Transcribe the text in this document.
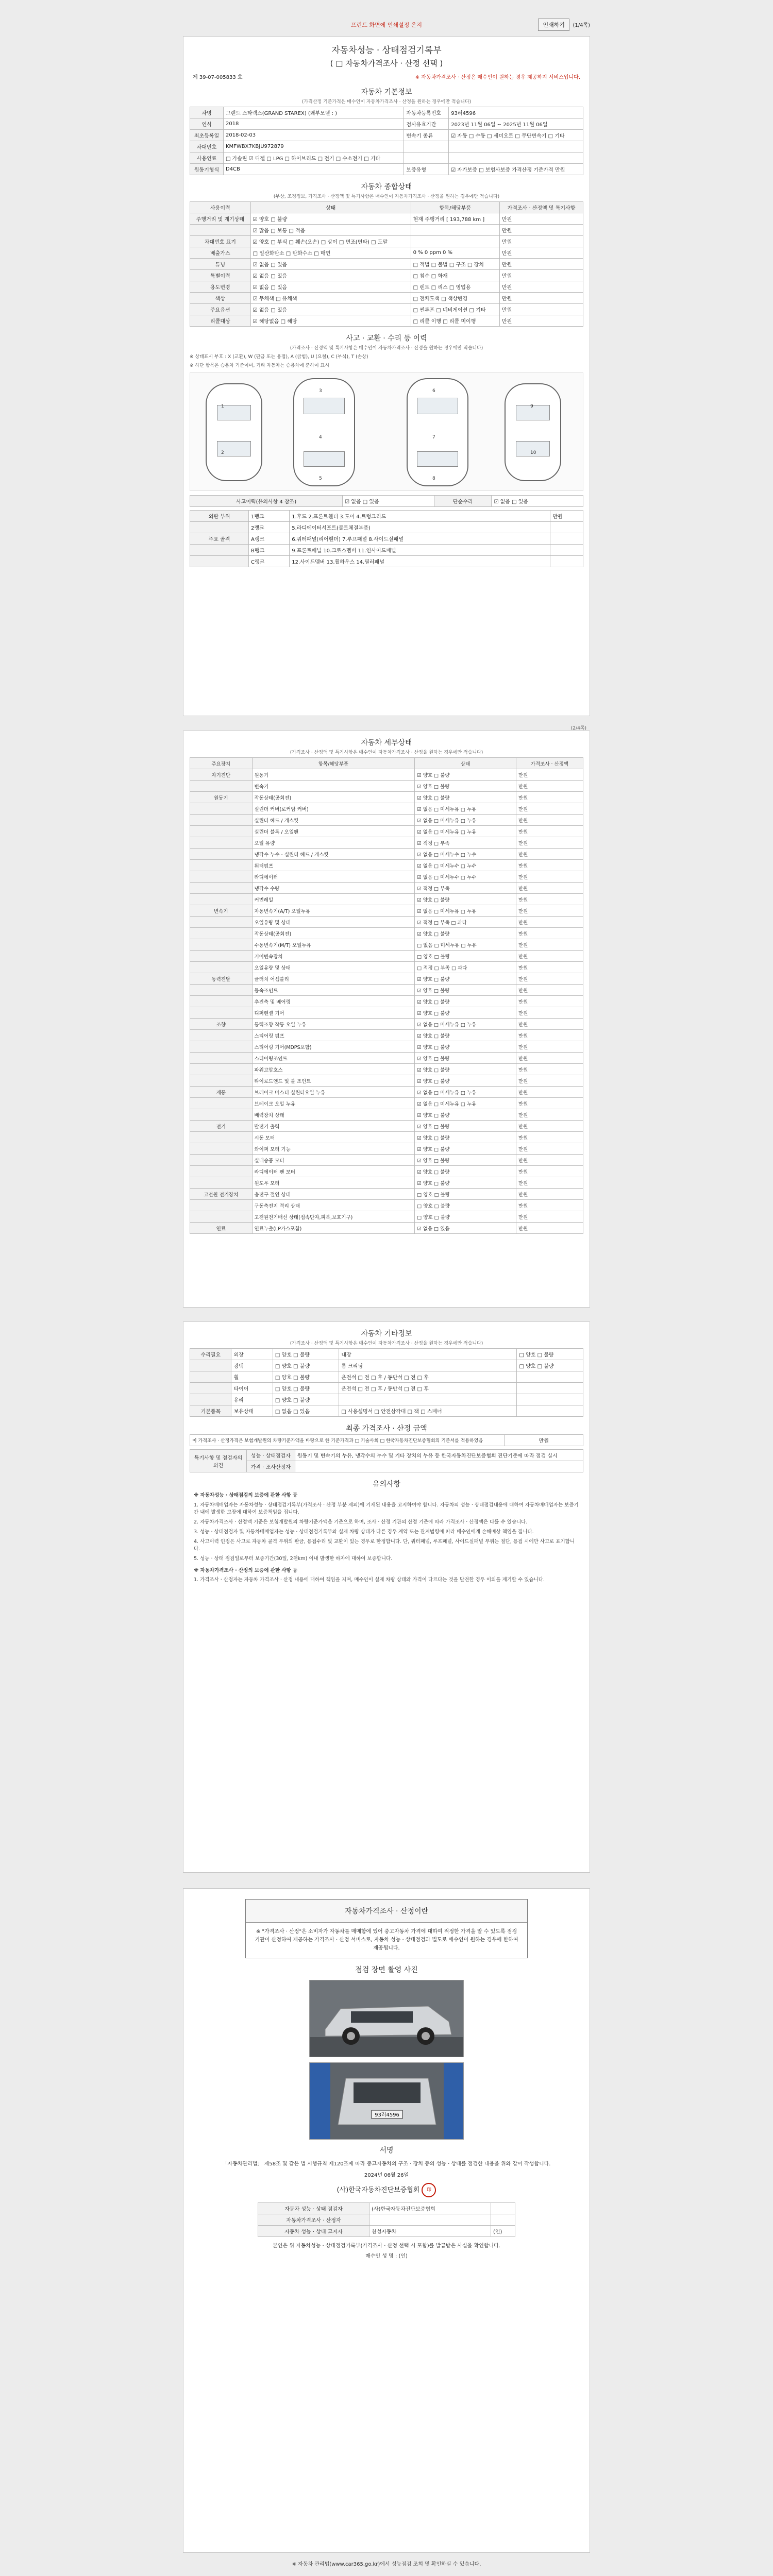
프린트 화면에 인쇄설정 은지	인쇄하기	(1/4쪽)
자동차성능 · 상태점검기록부
( □ 자동차가격조사 · 산정 선택 )
제 39-07-005833 호	※ 자동차가격조사 · 산정은 매수인이 원하는 경우 제공하지 서비스입니다.
자동차 기본정보
(가격산정 기준가격은 매수인이 자동차가격조사 · 산정을 원하는 경우에만 적습니다)
차명	그랜드 스타렉스(GRAND STAREX) (왜부모델 : )	자동차등록번호	93러4596
연식	2018	검사유효기간	2023년 11월 06일 ~ 2025년 11월 06일
최초등록일	2018-02-03	변속기 종류	☑ 자동 □ 수동 □ 세미오토 □ 무단변속기 □ 기타
차대번호	KMFWBX7KBJU972879		
사용연료	□ 가솔린 ☑ 디젤 □ LPG □ 하이브리드 □ 전기 □ 수소전기 □ 기타		
원동기형식	D4CB	보증유형	☑ 자가보증 □ 보험사보증 가격산정 기준가격 만원
자동차 종합상태
(부상, 조정정보, 가격조사 · 산정액 및 특기사항은 매수인이 자동차가격조사 · 산정을 원하는 경우에만 적습니다)
사용이력	상태	항목/해당부품	가격조사 · 산정액 및 특기사항
주행거리 및 계기상태	☑ 양호 □ 불량	현재 주행거리 [ 193,788 km ]	만원
	☑ 많음 □ 보통 □ 적음		만원
차대번호 표기	☑ 양호 □ 부식 □ 훼손(오손) □ 상이 □ 변조(변타) □ 도말		만원
배출가스	□ 일산화탄소 □ 탄화수소 □ 매연	0 % 0 ppm 0 %	만원
튜닝	☑ 없음 □ 있음	□ 적법 □ 불법 □ 구조 □ 장치	만원
특별이력	☑ 없음 □ 있음	□ 침수 □ 화재	만원
용도변경	☑ 없음 □ 있음	□ 렌트 □ 리스 □ 영업용	만원
색상	☑ 무채색 □ 유채색	□ 전체도색 □ 색상변경	만원
주요옵션	☑ 없음 □ 있음	□ 썬루프 □ 네비게이션 □ 기타	만원
리콜대상	☑ 해당없음 □ 해당	□ 리콜 이행 □ 리콜 미이행	만원
사고 · 교환 · 수리 등 이력
(가격조사 · 산정액 및 특기사항은 매수인이 자동차가격조사 · 산정을 원하는 경우에만 적습니다)
※ 상태표시 부호 : X (교환), W (판금 또는 용접), A (긁힘), U (요철), C (부식), T (손상)
※ 하단 항목은 승용차 기준이며, 기타 자동차는 승용차에 준하여 표시
1
2
3
4
5
6
7
8
9
10
사고이력(유의사항 4 참조)	☑ 없음 □ 있음	단순수리	☑ 없음 □ 있음
외판 부위	1랭크	1.후드 2.프론트휀더 3.도어 4.트렁크리드	만원
	2랭크	5.라디에이터서포트(볼트체결부품)	
주요 골격	A랭크	6.쿼터패널(리어휀더) 7.루프패널 8.사이드실패널	
	B랭크	9.프론트패널 10.크로스멤버 11.인사이드패널	
	C랭크	12.사이드멤버 13.휠하우스 14.필러패널	
(2/4쪽)
자동차 세부상태
(가격조사 · 산정액 및 특기사항은 매수인이 자동차가격조사 · 산정을 원하는 경우에만 적습니다)
주요장치	항목/해당부품	상태	가격조사 · 산정액
자기진단	원동기	☑ 양호 □ 불량	만원
	변속기	☑ 양호 □ 불량	만원
원동기	작동상태(공회전)	☑ 양호 □ 불량	만원
	실린더 커버(로커암 커버)	☑ 없음 □ 미세누유 □ 누유	만원
	실린더 헤드 / 개스킷	☑ 없음 □ 미세누유 □ 누유	만원
	실린더 블록 / 오일팬	☑ 없음 □ 미세누유 □ 누유	만원
	오일 유량	☑ 적정 □ 부족	만원
	냉각수 누수 - 실린더 헤드 / 개스킷	☑ 없음 □ 미세누수 □ 누수	만원
	워터펌프	☑ 없음 □ 미세누수 □ 누수	만원
	라디에이터	☑ 없음 □ 미세누수 □ 누수	만원
	냉각수 수량	☑ 적정 □ 부족	만원
	커먼레일	☑ 양호 □ 불량	만원
변속기	자동변속기(A/T) 오일누유	☑ 없음 □ 미세누유 □ 누유	만원
	오일유량 및 상태	☑ 적정 □ 부족 □ 과다	만원
	작동상태(공회전)	☑ 양호 □ 불량	만원
	수동변속기(M/T) 오일누유	□ 없음 □ 미세누유 □ 누유	만원
	기어변속장치	□ 양호 □ 불량	만원
	오일유량 및 상태	□ 적정 □ 부족 □ 과다	만원
동력전달	클러치 어셈블리	☑ 양호 □ 불량	만원
	등속조인트	☑ 양호 □ 불량	만원
	추진축 및 베어링	☑ 양호 □ 불량	만원
	디퍼렌셜 기어	☑ 양호 □ 불량	만원
조향	동력조향 작동 오일 누유	☑ 없음 □ 미세누유 □ 누유	만원
	스티어링 펌프	☑ 양호 □ 불량	만원
	스티어링 기어(MDPS포함)	☑ 양호 □ 불량	만원
	스티어링조인트	☑ 양호 □ 불량	만원
	파워고압호스	☑ 양호 □ 불량	만원
	타이로드엔드 및 볼 조인트	☑ 양호 □ 불량	만원
제동	브레이크 마스터 실린더오일 누유	☑ 없음 □ 미세누유 □ 누유	만원
	브레이크 오일 누유	☑ 없음 □ 미세누유 □ 누유	만원
	배력장치 상태	☑ 양호 □ 불량	만원
전기	발전기 출력	☑ 양호 □ 불량	만원
	시동 모터	☑ 양호 □ 불량	만원
	와이퍼 모터 기능	☑ 양호 □ 불량	만원
	실내송풍 모터	☑ 양호 □ 불량	만원
	라디에이터 팬 모터	☑ 양호 □ 불량	만원
	윈도우 모터	☑ 양호 □ 불량	만원
고전원 전기장치	충전구 절연 상태	□ 양호 □ 불량	만원
	구동축전지 격리 상태	□ 양호 □ 불량	만원
	고전원전기배선 상태(접속단자,피복,보호기구)	□ 양호 □ 불량	만원
연료	연료누출(LP가스포함)	☑ 없음 □ 있음	만원
자동차 기타정보
(가격조사 · 산정액 및 특기사항은 매수인이 자동차가격조사 · 산정을 원하는 경우에만 적습니다)
수리필요	외장	□ 양호 □ 불량	내장	□ 양호 □ 불량
	광택	□ 양호 □ 불량	룸 크리닝	□ 양호 □ 불량
	휠	□ 양호 □ 불량	운전석 □ 전 □ 후 / 동반석 □ 전 □ 후	
	타이어	□ 양호 □ 불량	운전석 □ 전 □ 후 / 동반석 □ 전 □ 후	
	유리	□ 양호 □ 불량		
기본품목	보유상태	□ 없음 □ 있음	□ 사용설명서 □ 안전삼각대 □ 잭 □ 스패너	
최종 가격조사 · 산정 금액
이 가격조사 · 산정가격은 보험개발원의 차량기준가액을 바탕으로 한 기준가격과 □ 기술사회 □ 한국자동차진단보증협회의 기준서를 적용하였음	만원
특기사항 및 점검자의 의견		
	성능 · 상태점검자	원동기 및 변속기의 누유, 냉각수의 누수 및 기타 장치의 누유 등 한국자동차진단보증협회 진단기준에 따라 점검 실시
	가격 · 조사산정자	
유의사항

※ 자동차성능 · 상태점검의 보증에 관한 사항 등

1. 자동차매매업자는 자동차성능 · 상태점검기록부(가격조사 · 산정 부분 제외)에 기재된 내용을 고지하여야 합니다. 자동차의 성능 · 상태점검내용에 대하여 자동차매매업자는 보증기간 내에 발생한 고장에 대하여 보증책임을 집니다.

2. 자동차가격조사 · 산정액 기준은 보험개발원의 차량기준가액을 기준으로 하며, 조사 · 산정 기관의 산정 기준에 따라 가격조사 · 산정액은 다를 수 있습니다.

3. 성능 · 상태점검자 및 자동차매매업자는 성능 · 상태점검기록부와 실제 차량 상태가 다른 경우 계약 또는 관계법령에 따라 매수인에게 손해배상 책임을 집니다.

4. 사고이력 인정은 사고로 자동차 골격 부위의 판금, 용접수리 및 교환이 있는 경우로 한정합니다. 단, 쿼터패널, 루프패널, 사이드실패널 부위는 절단, 용접 시에만 사고로 표기합니다.

5. 성능 · 상태 점검일로부터 보증기간(30일, 2천km) 이내 발생한 하자에 대하여 보증합니다.

※ 자동차가격조사 · 산정의 보증에 관한 사항 등

1. 가격조사 · 산정자는 자동차 가격조사 · 산정 내용에 대하여 책임을 지며, 매수인이 실제 차량 상태와 가격이 다르다는 것을 발견한 경우 이의를 제기할 수 있습니다.

자동차가격조사 · 산정이란
※ "가격조사 · 산정"은 소비자가 자동차를 매매함에 있어 중고자동차 가격에 대하여 적정한 가격을 알 수 있도록 점검기관이 산정하여 제공하는 가격조사 · 산정 서비스로, 자동차 성능 · 상태점검과 별도로 매수인이 원하는 경우에 한하여 제공됩니다.
점검 장면 촬영 사진
93러4596
서명
「자동차관리법」 제58조 및 같은 법 시행규칙 제120조에 따라 중고자동차의 구조 · 장치 등의 성능 · 상태를 점검한 내용을 위와 같이 작성합니다.
2024년 06월 26일
(사)한국자동차진단보증협회 印
자동차 성능 · 상태 점검자	(사)한국자동차진단보증협회	
자동차가격조사 · 산정자		
자동차 성능 · 상태 고지자	천성자동차	(인)
본인은 위 자동차성능 · 상태점검기록부(가격조사 · 산정 선택 시 포함)를 발급받은 사실을 확인합니다.
매수인 성 명 : (인)
※ 자동차 관리법(www.car365.go.kr)에서 성능점검 조회 및 확인하실 수 있습니다.
